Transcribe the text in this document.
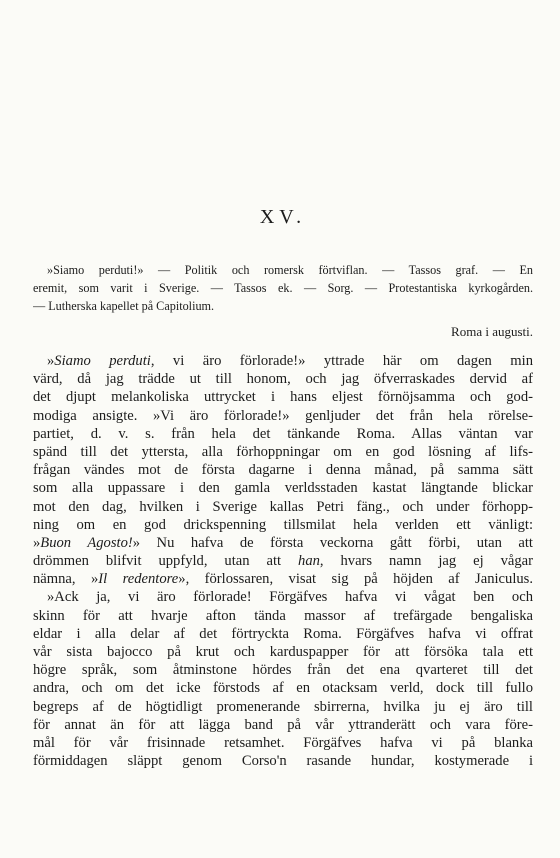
XV.

»Siamo perduti!» — Politik och romersk förtviflan. — Tassos graf. — En
eremit, som varit i Sverige. — Tassos ek. — Sorg. — Protestantiska kyrkogården.
— Lutherska kapellet på Capitolium.

Roma i augusti.

»Siamo perduti, vi äro förlorade!» yttrade här om dagen min
värd, då jag trädde ut till honom, och jag öfverraskades dervid af
det djupt melankoliska uttrycket i hans eljest förnöjsamma och god-
modiga ansigte. »Vi äro förlorade!» genljuder det från hela rörelse-
partiet, d. v. s. från hela det tänkande Roma. Allas väntan var
spänd till det yttersta, alla förhoppningar om en god lösning af lifs-
frågan vändes mot de första dagarne i denna månad, på samma sätt
som alla uppassare i den gamla verldsstaden kastat längtande blickar
mot den dag, hvilken i Sverige kallas Petri fäng., och under förhopp-
ning om en god drickspenning tillsmilat hela verlden ett vänligt:
»Buon Agosto!» Nu hafva de första veckorna gått förbi, utan att
drömmen blifvit uppfyld, utan att han, hvars namn jag ej vågar
nämna, »Il redentore», förlossaren, visat sig på höjden af Janiculus.
»Ack ja, vi äro förlorade! Förgäfves hafva vi vågat ben och
skinn för att hvarje afton tända massor af trefärgade bengaliska
eldar i alla delar af det förtryckta Roma. Förgäfves hafva vi offrat
vår sista bajocco på krut och karduspapper för att försöka tala ett
högre språk, som åtminstone hördes från det ena qvarteret till det
andra, och om det icke förstods af en otacksam verld, dock till fullo
begreps af de högtidligt promenerande sbirrerna, hvilka ju ej äro till
för annat än för att lägga band på vår yttranderätt och vara före-
mål för vår frisinnade retsamhet. Förgäfves hafva vi på blanka
förmiddagen släppt genom Corso'n rasande hundar, kostymerade i
